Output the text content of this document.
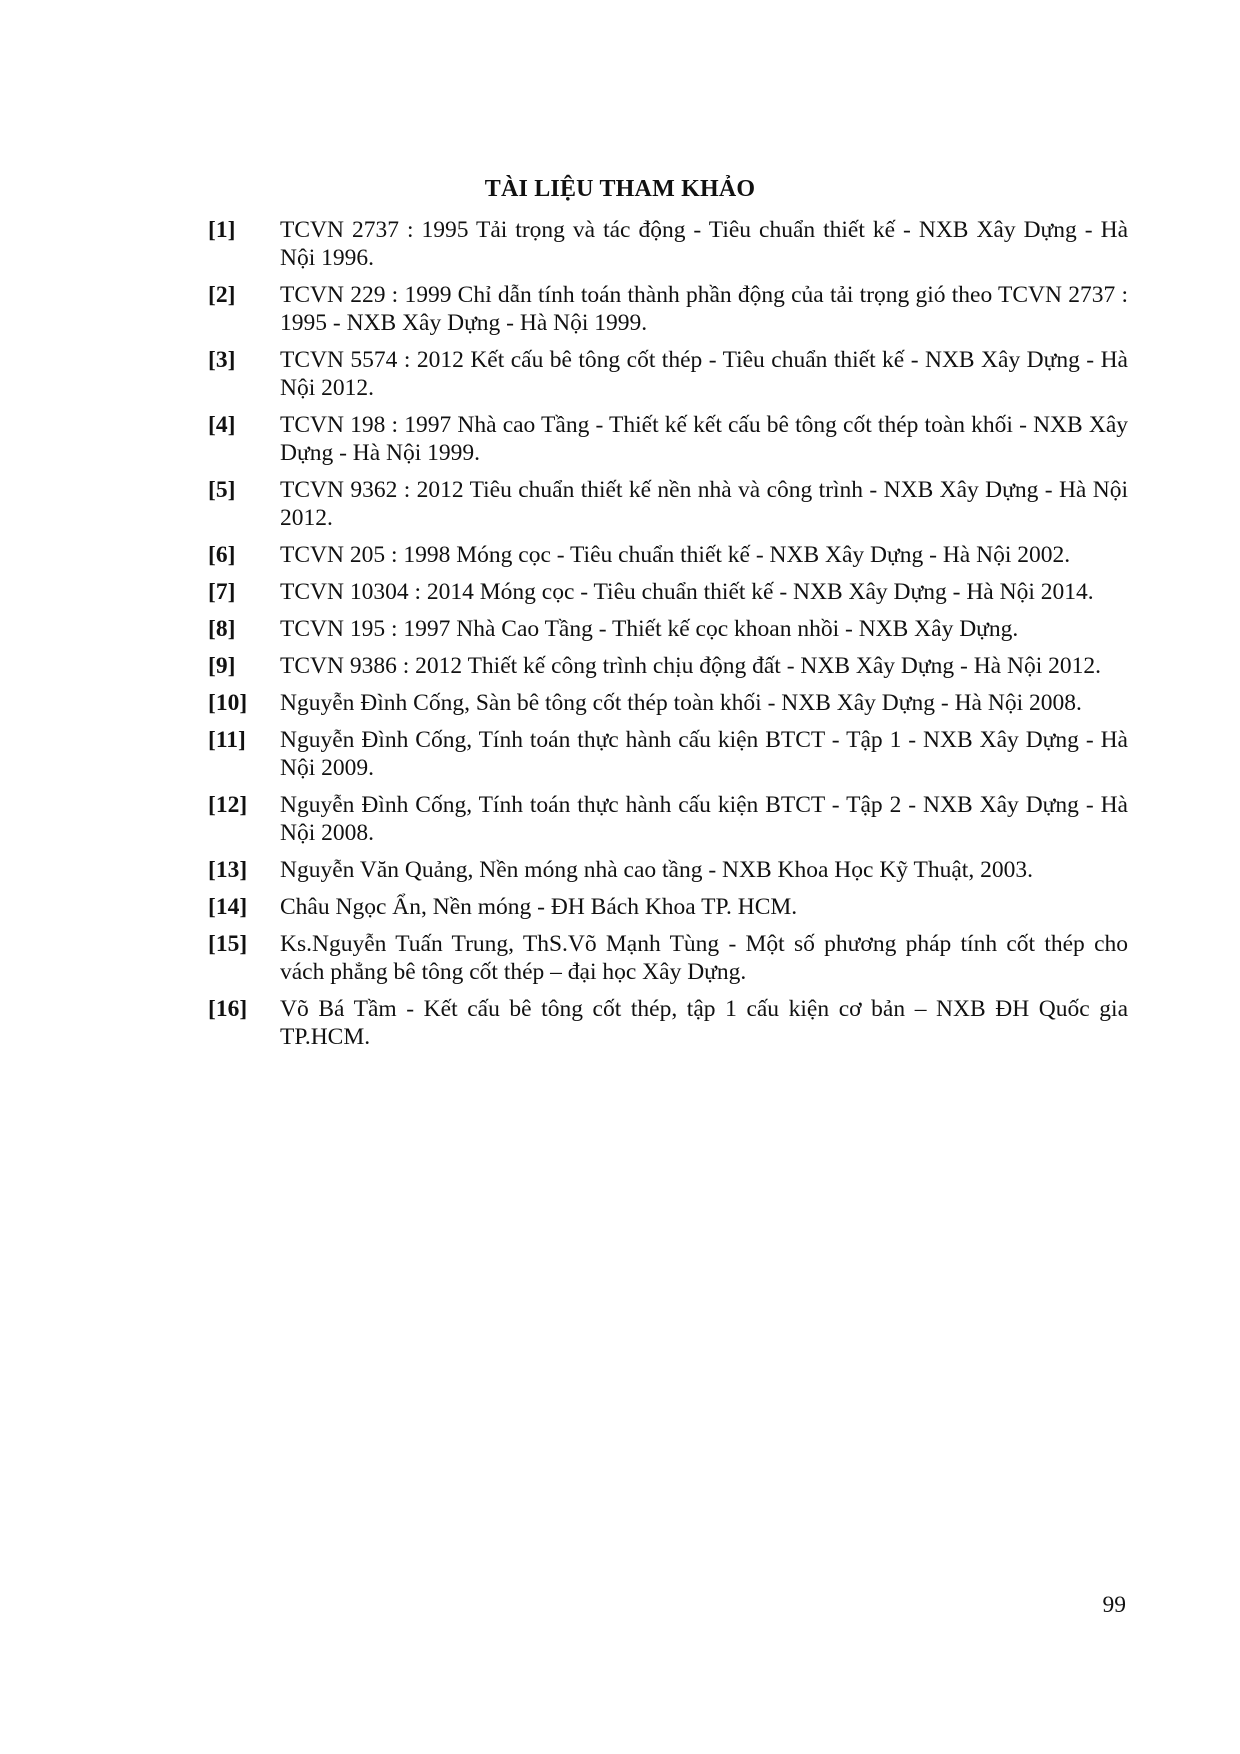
TÀI LIỆU THAM KHẢO
[1]	TCVN 2737 : 1995 Tải trọng và tác động - Tiêu chuẩn thiết kế - NXB Xây Dựng - Hà Nội 1996.
[2]	TCVN 229 : 1999 Chỉ dẫn tính toán thành phần động của tải trọng gió theo TCVN 2737 : 1995 - NXB Xây Dựng - Hà Nội 1999.
[3]	TCVN 5574 : 2012 Kết cấu bê tông cốt thép - Tiêu chuẩn thiết kế - NXB Xây Dựng - Hà Nội 2012.
[4]	TCVN 198 : 1997 Nhà cao Tầng - Thiết kế kết cấu bê tông cốt thép toàn khối - NXB Xây Dựng - Hà Nội 1999.
[5]	TCVN 9362 : 2012 Tiêu chuẩn thiết kế nền nhà và công trình - NXB Xây Dựng - Hà Nội 2012.
[6]	TCVN 205 : 1998 Móng cọc - Tiêu chuẩn thiết kế - NXB Xây Dựng - Hà Nội 2002.
[7]	TCVN 10304 : 2014 Móng cọc - Tiêu chuẩn thiết kế - NXB Xây Dựng - Hà Nội 2014.
[8]	TCVN 195 : 1997 Nhà Cao Tầng - Thiết kế cọc khoan nhồi - NXB Xây Dựng.
[9]	TCVN 9386 : 2012 Thiết kế công trình chịu động đất - NXB Xây Dựng - Hà Nội 2012.
[10]	Nguyễn Đình Cống, Sàn bê tông cốt thép toàn khối - NXB Xây Dựng - Hà Nội 2008.
[11]	Nguyễn Đình Cống, Tính toán thực hành cấu kiện BTCT - Tập 1 - NXB Xây Dựng - Hà Nội 2009.
[12]	Nguyễn Đình Cống, Tính toán thực hành cấu kiện BTCT - Tập 2 - NXB Xây Dựng - Hà Nội 2008.
[13]	Nguyễn Văn Quảng, Nền móng nhà cao tầng - NXB Khoa Học Kỹ Thuật, 2003.
[14]	Châu Ngọc Ẩn, Nền móng - ĐH Bách Khoa TP. HCM.
[15]	Ks.Nguyễn Tuấn Trung, ThS.Võ Mạnh Tùng - Một số phương pháp tính cốt thép cho vách phẳng bê tông cốt thép – đại học Xây Dựng.
[16]	Võ Bá Tầm - Kết cấu bê tông cốt thép, tập 1 cấu kiện cơ bản – NXB ĐH Quốc gia TP.HCM.
99
